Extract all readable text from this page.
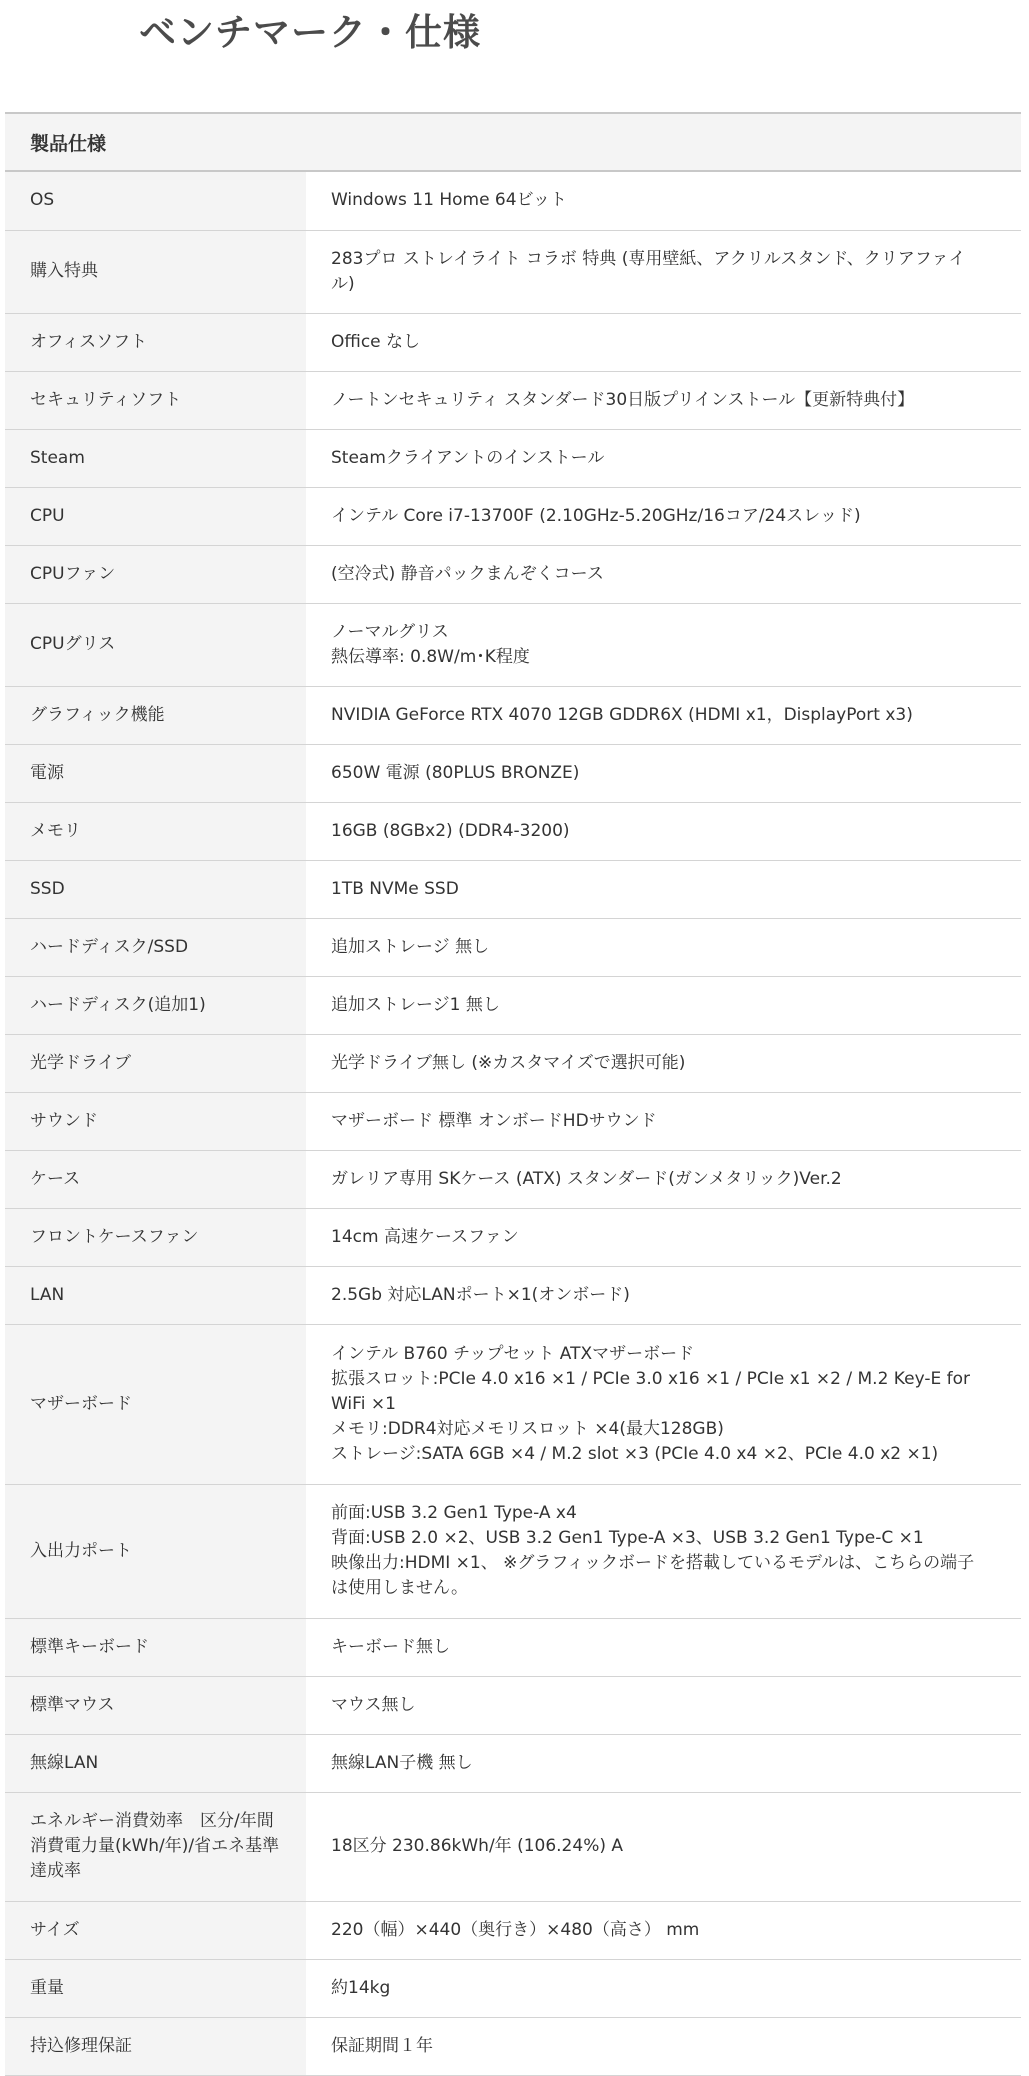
ベンチマーク・仕様
製品仕様
OS	Windows 11 Home 64ビット

購入特典	283プロ ストレイライト コラボ 特典 (専用壁紙、アクリルスタンド、クリアファイル)

オフィスソフト	Office なし

セキュリティソフト	ノートンセキュリティ スタンダード30日版プリインストール【更新特典付】

Steam	Steamクライアントのインストール

CPU	インテル Core i7-13700F (2.10GHz-5.20GHz/16コア/24スレッド)

CPUファン	(空冷式) 静音パックまんぞくコース

CPUグリス	ノーマルグリス
熱伝導率: 0.8W/m･K程度

グラフィック機能	NVIDIA GeForce RTX 4070 12GB GDDR6X (HDMI x1，DisplayPort x3)

電源	650W 電源 (80PLUS BRONZE)

メモリ	16GB (8GBx2) (DDR4-3200)

SSD	1TB NVMe SSD

ハードディスク/SSD	追加ストレージ 無し

ハードディスク(追加1)	追加ストレージ1 無し

光学ドライブ	光学ドライブ無し (※カスタマイズで選択可能)

サウンド	マザーボード 標準 オンボードHDサウンド

ケース	ガレリア専用 SKケース (ATX) スタンダード(ガンメタリック)Ver.2

フロントケースファン	14cm 高速ケースファン

LAN	2.5Gb 対応LANポート×1(オンボード)

マザーボード	インテル B760 チップセット ATXマザーボード
拡張スロット:PCIe 4.0 x16 ×1 / PCIe 3.0 x16 ×1 / PCIe x1 ×2 / M.2 Key-E for WiFi ×1
メモリ:DDR4対応メモリスロット ×4(最大128GB)
ストレージ:SATA 6GB ×4 / M.2 slot ×3 (PCIe 4.0 x4 ×2、PCIe 4.0 x2 ×1)

入出力ポート	前面:USB 3.2 Gen1 Type-A x4
背面:USB 2.0 ×2、USB 3.2 Gen1 Type-A ×3、USB 3.2 Gen1 Type-C ×1
映像出力:HDMI ×1、 ※グラフィックボードを搭載しているモデルは、こちらの端子は使用しません。

標準キーボード	キーボード無し

標準マウス	マウス無し

無線LAN	無線LAN子機 無し

エネルギー消費効率　区分/年間消費電力量(kWh/年)/省エネ基準達成率	18区分 230.86kWh/年 (106.24%) A

サイズ	220（幅）×440（奥行き）×480（高さ） mm

重量	約14kg

持込修理保証	保証期間１年
